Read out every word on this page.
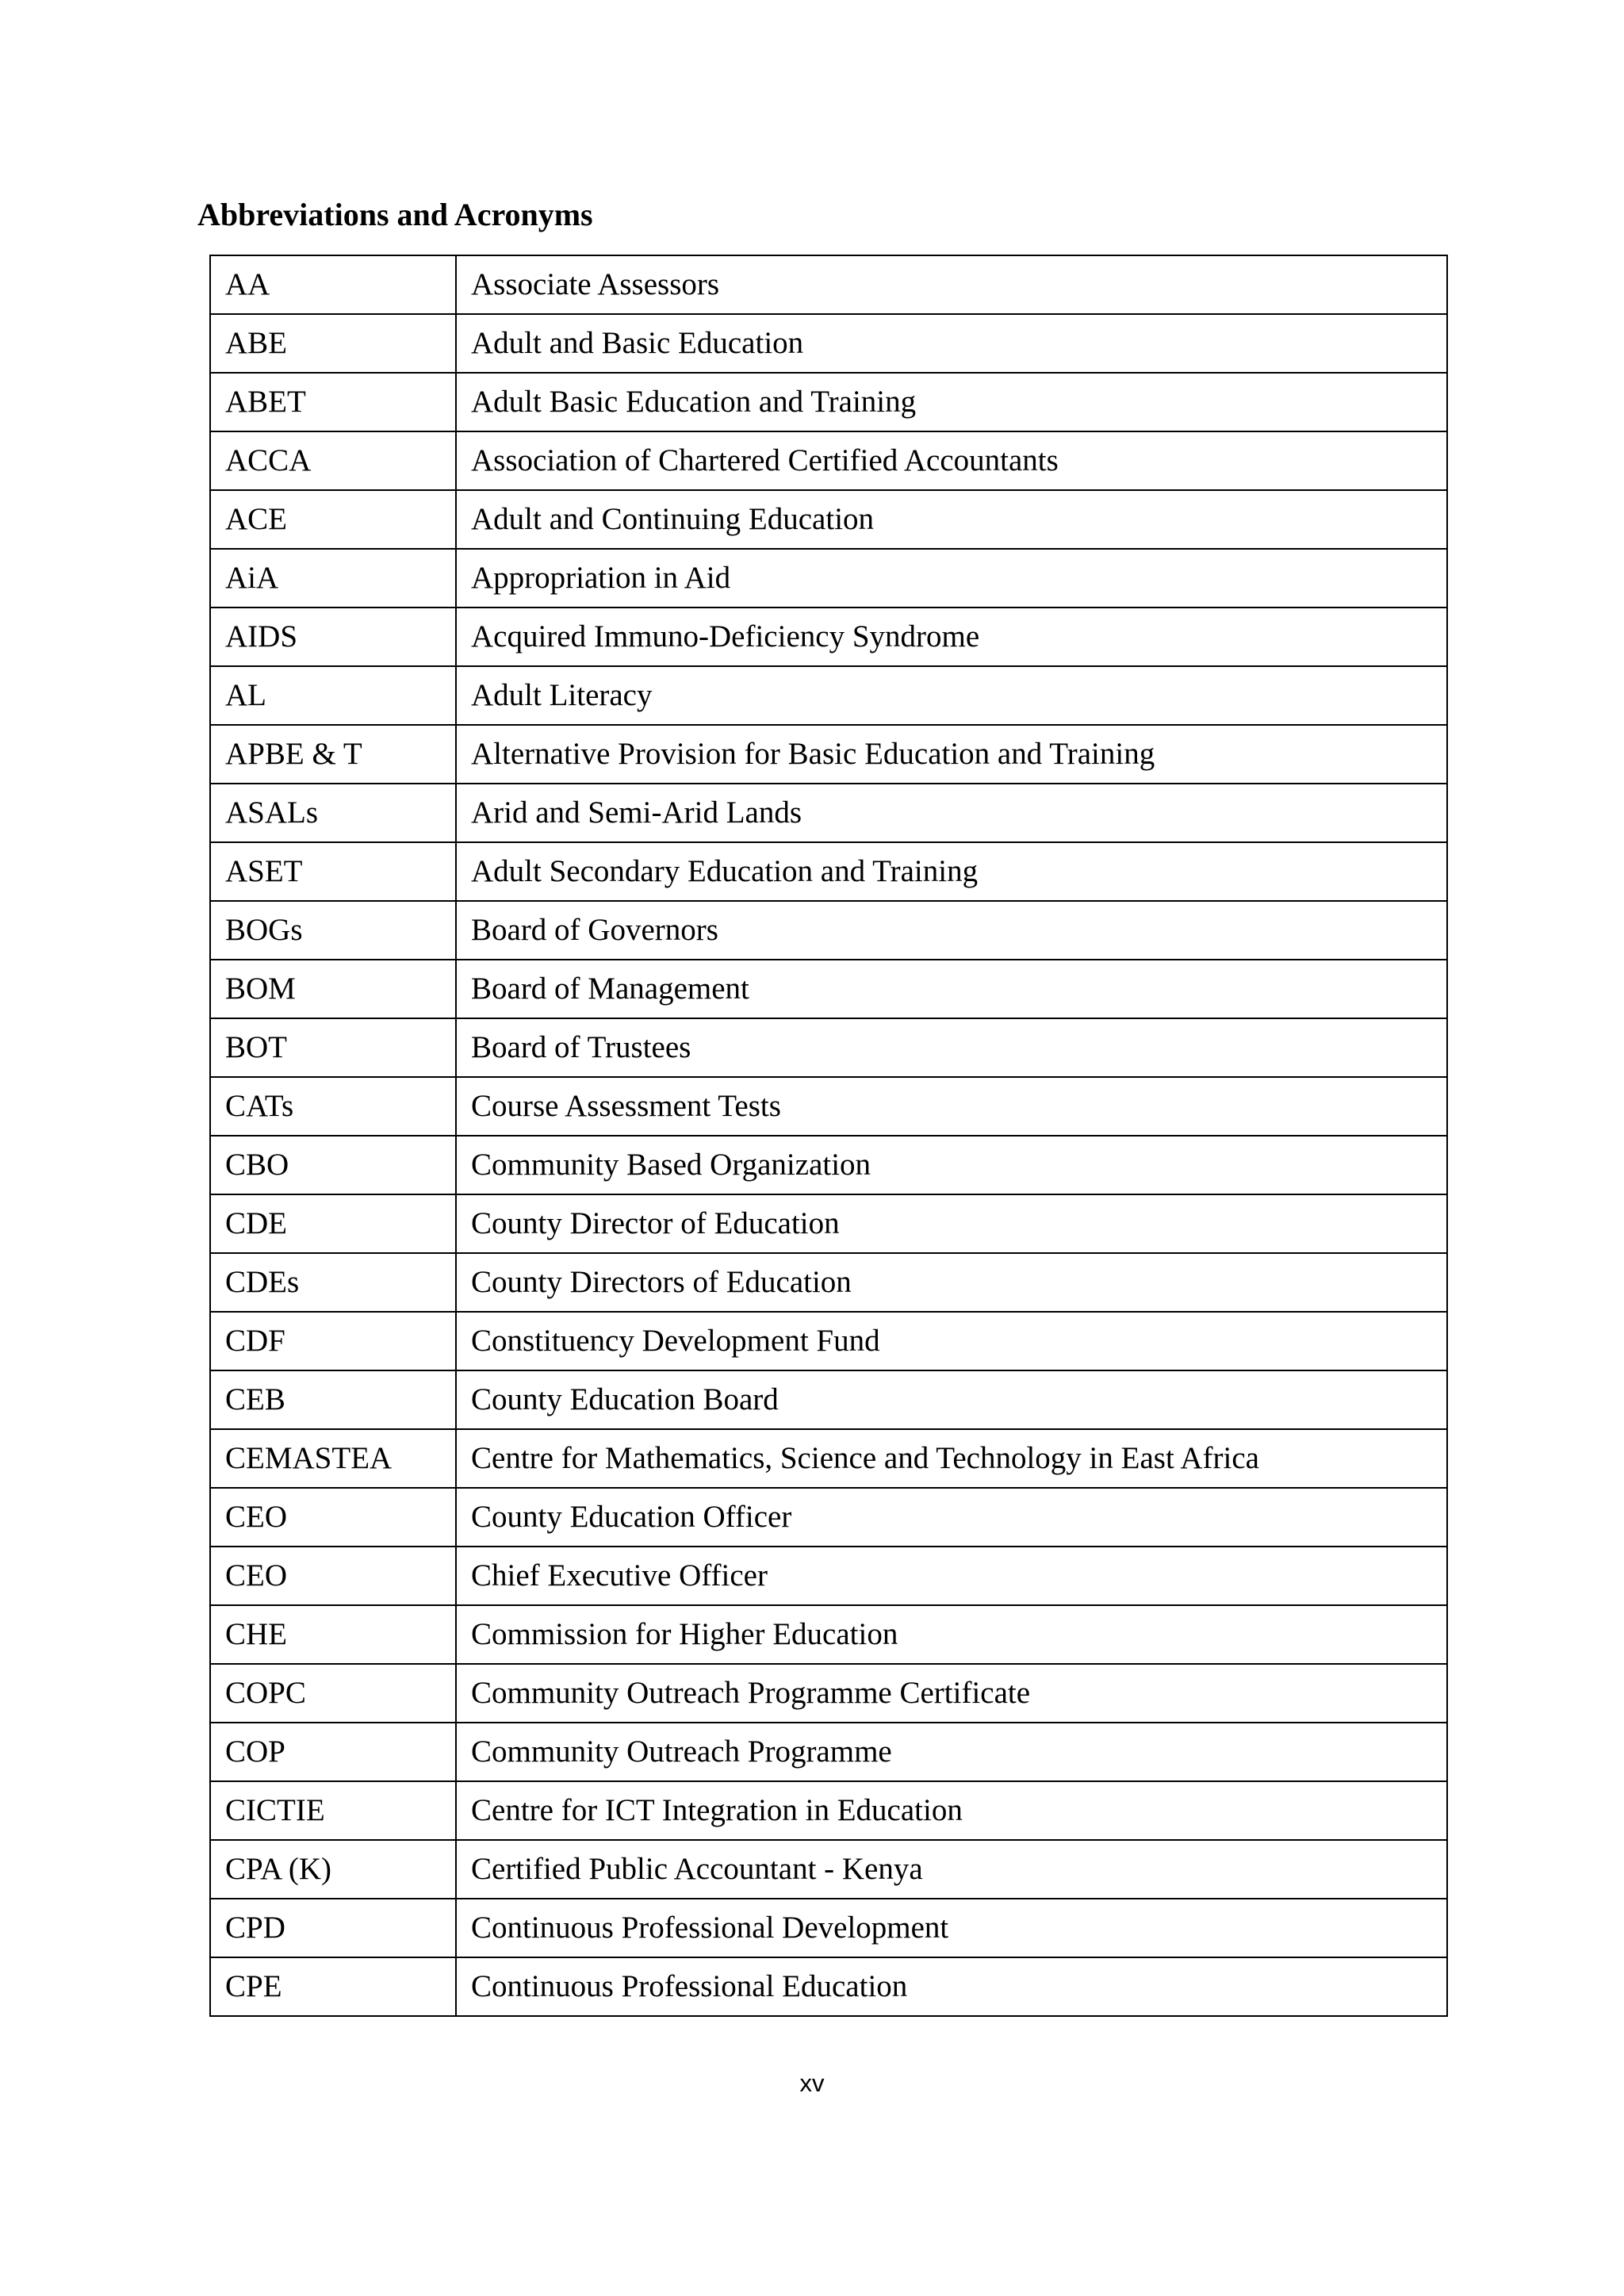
Abbreviations and Acronyms
AA	Associate Assessors
ABE	Adult and Basic Education
ABET	Adult Basic Education and Training
ACCA	Association of Chartered Certified Accountants
ACE	Adult and Continuing Education
AiA	Appropriation in Aid
AIDS	Acquired Immuno-Deficiency Syndrome
AL	Adult Literacy
APBE & T	Alternative Provision for Basic Education and Training
ASALs	Arid and Semi-Arid Lands
ASET	Adult Secondary Education and Training
BOGs	Board of Governors
BOM	Board of Management
BOT	Board of Trustees
CATs	Course Assessment Tests
CBO	Community Based Organization
CDE	County Director of Education
CDEs	County Directors of Education
CDF	Constituency Development Fund
CEB	County Education Board
CEMASTEA	Centre for Mathematics, Science and Technology in East Africa
CEO	County Education Officer
CEO	Chief Executive Officer
CHE	Commission for Higher Education
COPC	Community Outreach Programme Certificate
COP	Community Outreach Programme
CICTIE	Centre for ICT Integration in Education
CPA (K)	Certified Public Accountant - Kenya
CPD	Continuous Professional Development
CPE	Continuous Professional Education
xv
